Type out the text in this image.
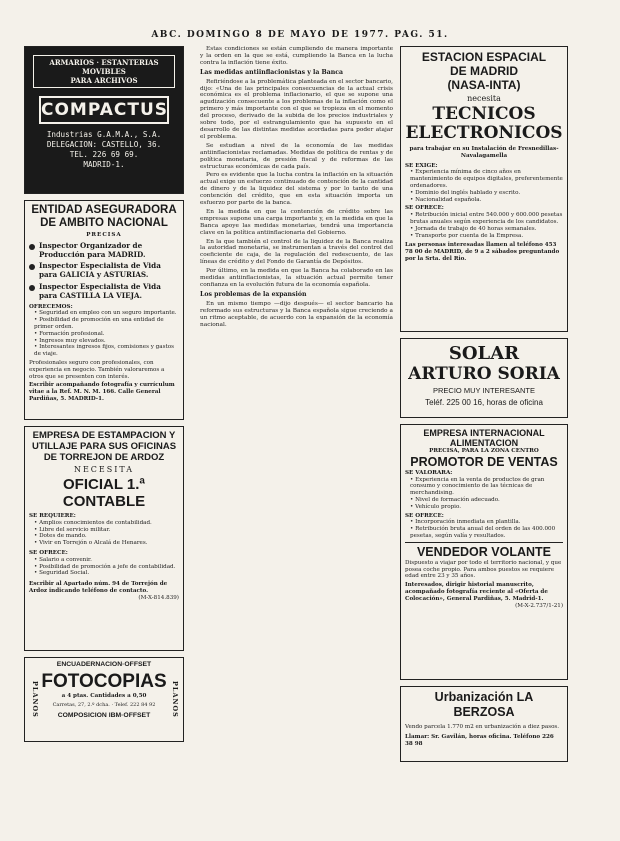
ABC. DOMINGO 8 DE MAYO DE 1977. PAG. 51.
ARMARIOS · ESTANTERIAS MOVIBLES
PARA ARCHIVOS
COMPACTUS
Industrias G.A.M.A., S.A.
DELEGACION: CASTELLO, 36.
TEL. 226 69 69.
MADRID-1.
ENTIDAD ASEGURADORA
DE AMBITO NACIONAL
PRECISA
Inspector Organizador de Producción para MADRID.
Inspector Especialista de Vida para GALICIA y ASTURIAS.
Inspector Especialista de Vida para CASTILLA LA VIEJA.
OFRECEMOS:
• Seguridad en empleo con un seguro importante.
• Posibilidad de promoción en una entidad de primer orden.
• Formación profesional.
• Ingresos muy elevados.
• Interesantes ingresos fijos, comisiones y gastos de viaje.
Profesionales seguro con profesionales, con experiencia en negocio. También valoraremos a otros que se presenten con interés.
Escribir acompañando fotografía y currículum vitae a la Ref. M. N. M. 166. Calle General Pardiñas, 5. MADRID-1.
EMPRESA DE ESTAMPACION Y
UTILLAJE PARA SUS OFICINAS
DE TORREJON DE ARDOZ
NECESITA
OFICIAL 1.ª CONTABLE
SE REQUIERE:
• Amplios conocimientos de contabilidad.
• Libre del servicio militar.
• Dotes de mando.
• Vivir en Torrejón o Alcalá de Henares.
SE OFRECE:
• Salario a convenir.
• Posibilidad de promoción a jefe de contabilidad.
• Seguridad Social.
Escribir al Apartado núm. 94 de Torrejón de Ardoz indicando teléfono de contacto.
(M-X-814.839)
PLANOS
ENCUADERNACION·OFFSET
FOTOCOPIAS
a 4 ptas. Cantidades a 0,50
Carretas, 27, 2.º dcha. · Telef. 222 84 92
COMPOSICION IBM·OFFSET	PLANOS

Estas condiciones se están cumpliendo de manera importante y la orden en la que se está, cumpliendo la Banca en la lucha contra la inflación tiene éxito.

Las medidas antiinflacionistas y la Banca

Refiriéndose a la problemática planteada en el sector bancario, dijo: «Una de las principales consecuencias de la actual crisis económica es el problema inflacionario, el que se supone una agudización consecuente a los problemas de la inflación como el primero y más importante con el que se tropieza en el momento del proceso, derivado de la subida de los precios industriales y sobre todo, por el estrangulamiento que ha supuesto en el desarrollo de las distintas medidas acordadas para poder atajar el problema.

Se estudian a nivel de la economía de las medidas antiinflacionistas reclamadas. Medidas de política de rentas y de política monetaria, de presión fiscal y de reformas de las estructuras económicas de cada país.

Pero es evidente que la lucha contra la inflación en la situación actual exige un esfuerzo continuado de contención de la cantidad de dinero y de la liquidez del sistema y por lo tanto de una contención del crédito, que en esta situación importa un esfuerzo por parte de la banca.

En la medida en que la contención de crédito sobre las empresas supone una carga importante y, en la medida en que la Banca apoye las medidas monetarias, tendrá una importancia clave en la política antiinflacionaria del Gobierno.

En la que también el control de la liquidez de la Banca realiza la autoridad monetaria, se instrumentan a través del control del coeficiente de caja, de la regulación del redescuento, de las líneas de crédito y del Fondo de Garantía de Depósitos.

Por último, en la medida en que la Banca ha colaborado en las medidas antiinflacionistas, la situación actual permite tener confianza en la evolución futura de la economía española.

Los problemas de la expansión

En un mismo tiempo —dijo después— el sector bancario ha reformado sus estructuras y la Banca española sigue creciendo a un ritmo aceptable, de acuerdo con la expansión de la economía nacional.

ESTACION ESPACIAL
DE MADRID
(NASA-INTA)
necesita
TECNICOS
ELECTRONICOS
para trabajar en su Instalación de Fresnedillas-Navalagamella
SE EXIGE:
• Experiencia mínima de cinco años en mantenimiento de equipos digitales, preferentemente ordenadores.
• Dominio del inglés hablado y escrito.
• Nacionalidad española.
SE OFRECE:
• Retribución inicial entre 540.000 y 600.000 pesetas brutas anuales según experiencia de los candidatos.
• Jornada de trabajo de 40 horas semanales.
• Transporte por cuenta de la Empresa.
Las personas interesadas llamen al teléfono 453 78 00 de MADRID, de 9 a 2 sábados preguntando por la Srta. del Rio.
SOLAR
ARTURO SORIA
PRECIO MUY INTERESANTE
Teléf. 225 00 16, horas de oficina
EMPRESA INTERNACIONAL
ALIMENTACION
PRECISA, PARA LA ZONA CENTRO
PROMOTOR DE VENTAS
SE VALORARA:
• Experiencia en la venta de productos de gran consumo y conocimiento de las técnicas de merchandising.
• Nivel de formación adecuado.
• Vehículo propio.
SE OFRECE:
• Incorporación inmediata en plantilla.
• Retribución bruta anual del orden de las 400.000 pesetas, según valía y resultados.
VENDEDOR VOLANTE
Dispuesto a viajar por todo el territorio nacional, y que posea coche propio. Para ambos puestos se requiere edad entre 23 y 35 años.
Interesados, dirigir historial manuscrito, acompañado fotografía reciente al «Oferta de Colocación», General Pardiñas, 5. Madrid-1.
(M-X-2.737/1-21)
Urbanización LA BERZOSA
Vendo parcela 1.770 m2 en urbanización a diez pasos.
Llamar: Sr. Gavilán, horas oficina. Teléfono 226 38 98
